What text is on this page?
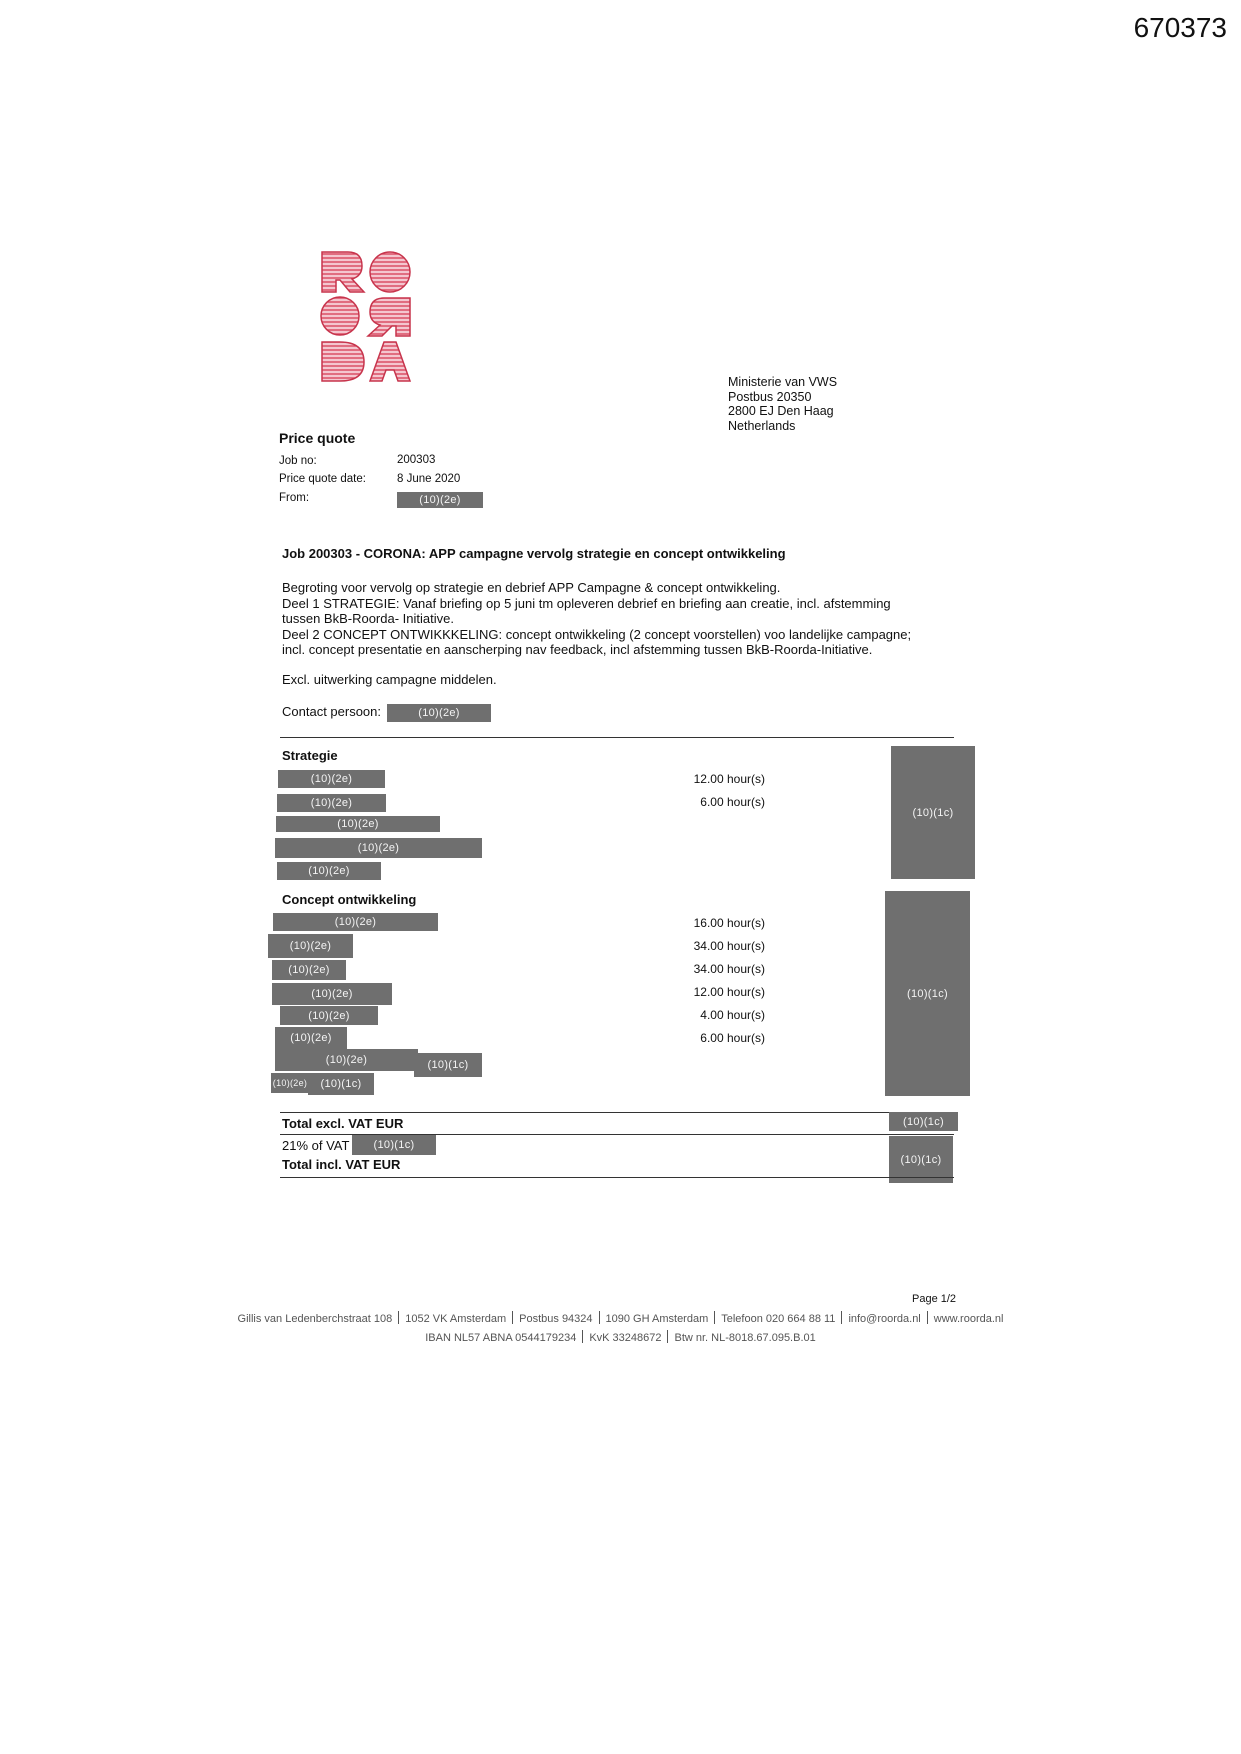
670373
Ministerie van VWS
Postbus 20350
2800 EJ Den Haag
Netherlands
Price quote
Job no:	200303
Price quote date:	8 June 2020
From:	(10)(2e)
Job 200303 - CORONA: APP campagne vervolg strategie en concept ontwikkeling

Begroting voor vervolg op strategie en debrief APP Campagne & concept ontwikkeling.

Deel 1 STRATEGIE: Vanaf briefing op 5 juni tm opleveren debrief en briefing aan creatie, incl. afstemming

tussen BkB-Roorda- Initiative.

Deel 2 CONCEPT ONTWIKKKELING: concept ontwikkeling (2 concept voorstellen) voo landelijke campagne;

incl. concept presentatie en aanscherping nav feedback, incl afstemming tussen BkB-Roorda-Initiative.

Excl. uitwerking campagne middelen.
Contact persoon:	(10)(2e)
Strategie
(10)(2e)	12.00 hour(s)
(10)(2e)	6.00 hour(s)
(10)(2e)
(10)(2e)
(10)(2e)
(10)(1c)
Concept ontwikkeling
(10)(2e)	16.00 hour(s)
(10)(2e)	34.00 hour(s)
(10)(2e)	34.00 hour(s)
(10)(2e)	12.00 hour(s)
(10)(2e)	4.00 hour(s)
(10)(2e)	6.00 hour(s)
(10)(2e)	(10)(1c)
(10)(2e)	(10)(1c)
(10)(1c)
Total excl. VAT EUR	(10)(1c)
21% of VAT	(10)(1c)
Total incl. VAT EUR	(10)(1c)
Page 1/2
Gillis van Ledenberchstraat 108 1052 VK Amsterdam Postbus 94324 1090 GH Amsterdam Telefoon 020 664 88 11 info@roorda.nl www.roorda.nl
IBAN NL57 ABNA 0544179234 KvK 33248672 Btw nr. NL-8018.67.095.B.01
